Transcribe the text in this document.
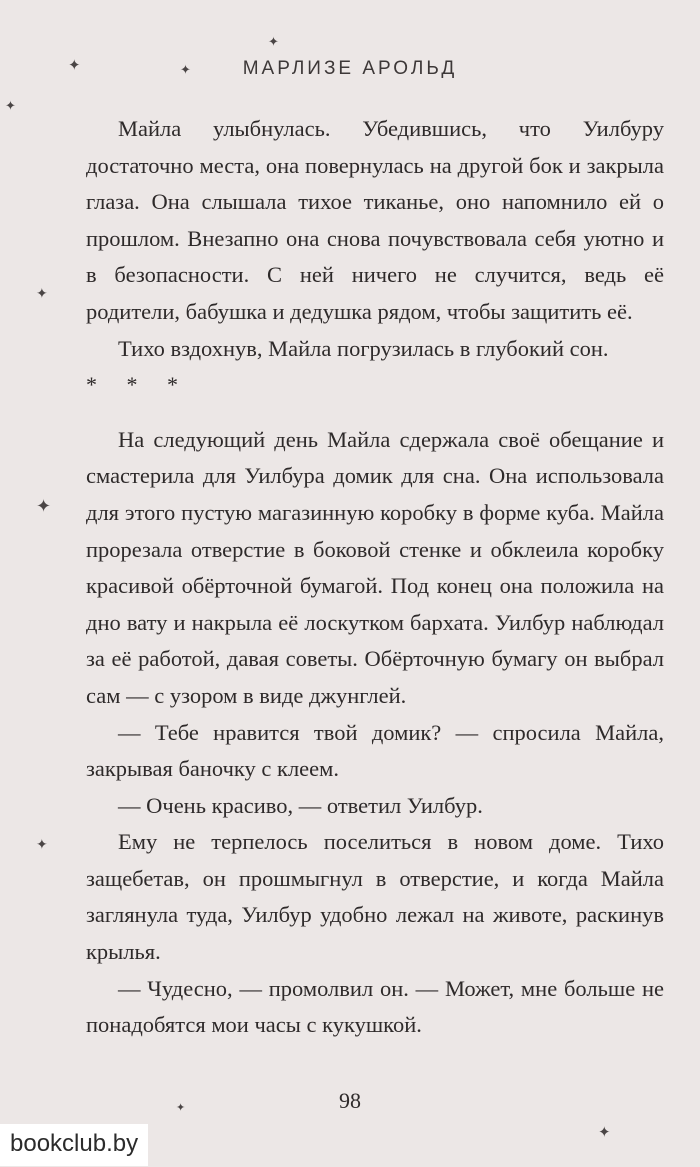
✦
✦	✦
✦
✦
✦
✦
✦
✦
МАРЛИЗЕ АРОЛЬД

Майла улыбнулась. Убедившись, что Уилбуру достаточно места, она повернулась на другой бок и закрыла глаза. Она слышала тихое тиканье, оно напомнило ей о прошлом. Внезапно она снова почувствовала себя уютно и в безопасности. С ней ничего не случится, ведь её родители, бабушка и дедушка рядом, чтобы защитить её.

Тихо вздохнув, Майла погрузилась в глубокий сон.

* * *

На следующий день Майла сдержала своё обещание и смастерила для Уилбура домик для сна. Она использовала для этого пустую магазинную коробку в форме куба. Майла прорезала отверстие в боковой стенке и обклеила коробку красивой обёрточной бумагой. Под конец она положила на дно вату и накрыла её лоскутком бархата. Уилбур наблюдал за её работой, давая советы. Обёрточную бумагу он выбрал сам — с узором в виде джунглей.

— Тебе нравится твой домик? — спросила Майла, закрывая баночку с клеем.

— Очень красиво, — ответил Уилбур.

Ему не терпелось поселиться в новом доме. Тихо защебетав, он прошмыгнул в отверстие, и когда Майла заглянула туда, Уилбур удобно лежал на животе, раскинув крылья.

— Чудесно, — промолвил он. — Может, мне больше не понадобятся мои часы с кукушкой.

98
bookclub.by
